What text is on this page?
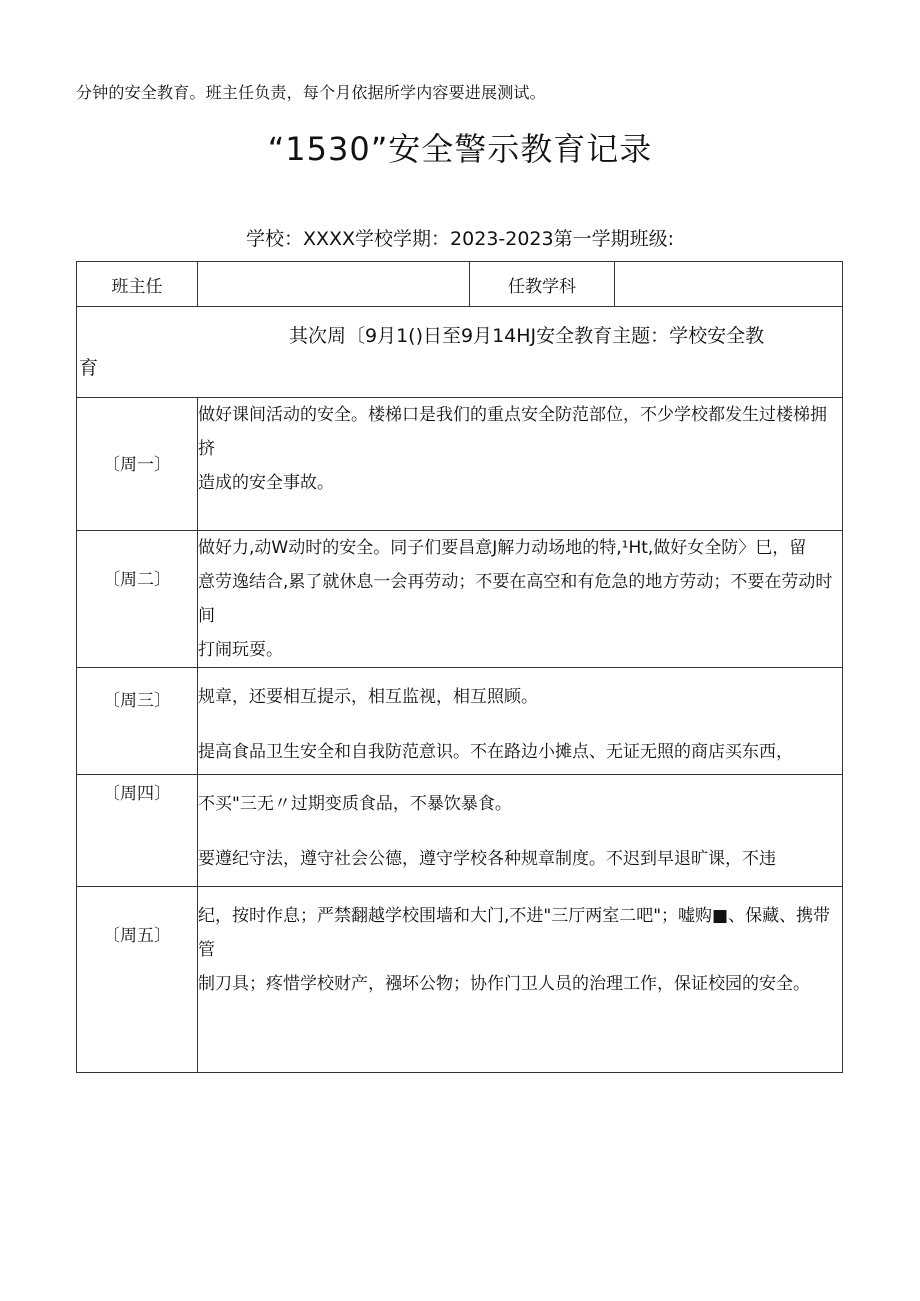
分钟的安全教育。班主任负责，每个月依据所学内容要进展测试。
“1530”安全警示教育记录
学校：XXXX学校学期：2023-2023第一学期班级:
班主任		任教学科	

其次周〔9月1()日至9月14HJ安全教育主题：学校安全教
育			

〔周一〕	做好课间活动的安全。楼梯口是我们的重点安全防范部位，不少学校都发生过楼梯拥挤

造成的安全事故。		

〔周二〕	做好力,动W动时的安全。同子们要昌意J解力动场地的特,¹Ht,做好女全防〉巳，留

意劳逸结合,累了就休息一会再劳动；不要在高空和有危急的地方劳动；不要在劳动时间

打闹玩耍。		

〔周三〕	规章，还要相互提示，相互监视，相互照顾。

提高食品卫生安全和自我防范意识。不在路边小摊点、无证无照的商店买东西，		

〔周四〕	不买"三无〃过期变质食品，不暴饮暴食。

要遵纪守法，遵守社会公德，遵守学校各种规章制度。不迟到早退旷课，不违		

〔周五〕	纪，按时作息；严禁翻越学校围墙和大门,不进"三厅两室二吧"；嘘购■、保藏、携带管

制刀具；疼惜学校财产，襁坏公物；协作门卫人员的治理工作，保证校园的安全。		
